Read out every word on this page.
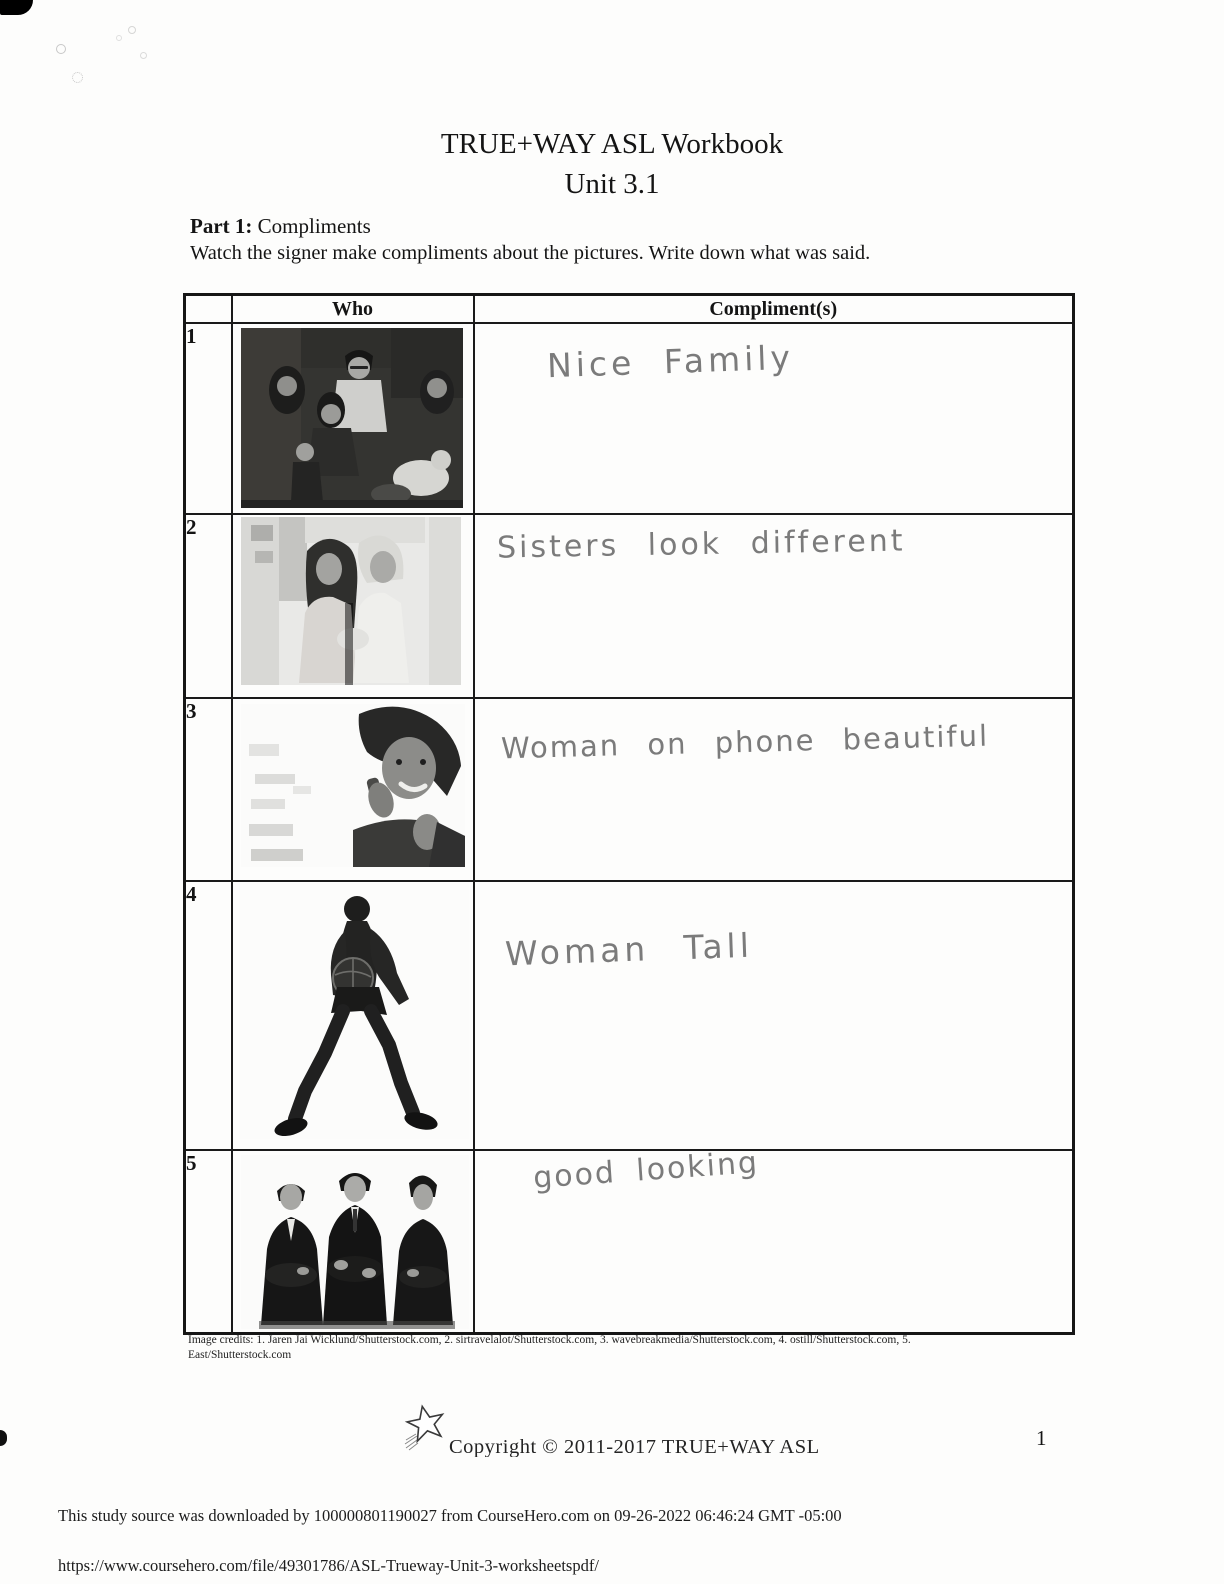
TRUE+WAY ASL Workbook
Unit 3.1
Part 1: Compliments
Watch the signer make compliments about the pictures. Write down what was said.
	Who	Compliment(s)
1		Nice Family

2		Sisters look different

3		Woman on phone beautiful

4		Woman Tall

5		good looking
Image credits: 1. Jaren Jai Wicklund/Shutterstock.com, 2. sirtravelalot/Shutterstock.com, 3. wavebreakmedia/Shutterstock.com, 4. ostill/Shutterstock.com, 5. East/Shutterstock.com
Copyright © 2011-2017 TRUE+WAY ASL	1
This study source was downloaded by 100000801190027 from CourseHero.com on 09-26-2022 06:46:24 GMT -05:00
https://www.coursehero.com/file/49301786/ASL-Trueway-Unit-3-worksheetspdf/
